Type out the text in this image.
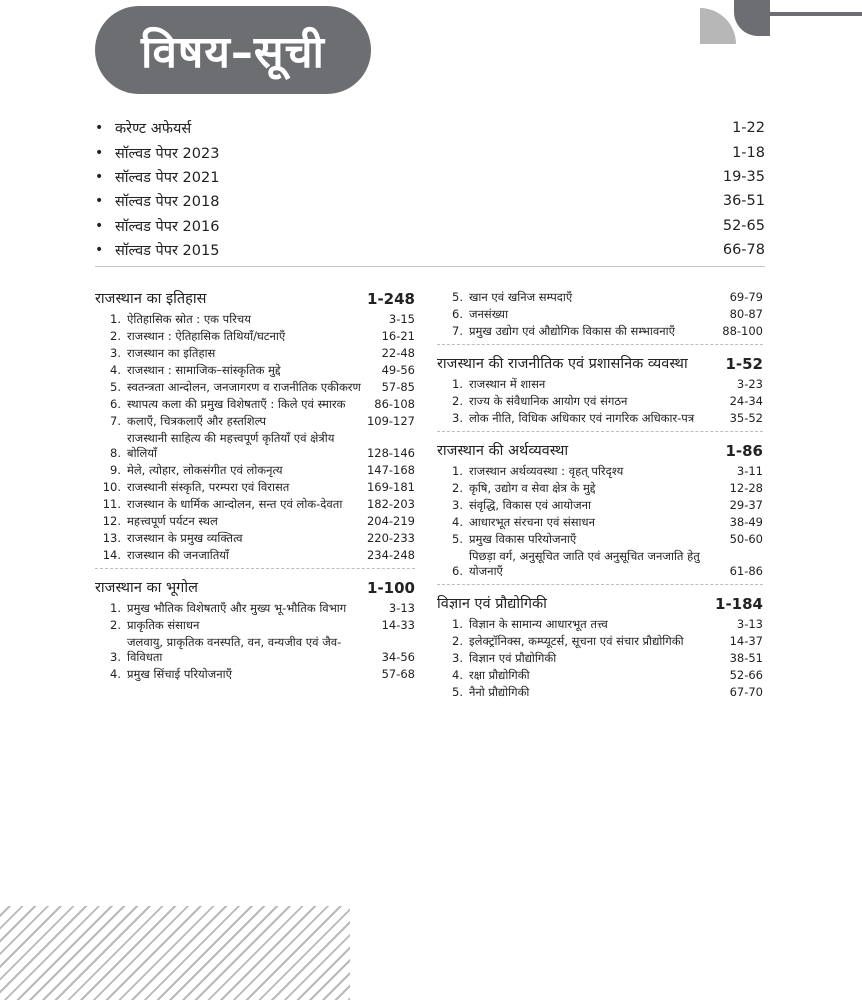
विषय–सूची
• करेण्ट अफेयर्स	1-22
• सॉल्वड पेपर 2023	1-18
• सॉल्वड पेपर 2021	19-35
• सॉल्वड पेपर 2018	36-51
• सॉल्वड पेपर 2016	52-65
• सॉल्वड पेपर 2015	66-78
राजस्थान का इतिहास	1-248
1. ऐतिहासिक स्रोत : एक परिचय	3-15
2. राजस्थान : ऐतिहासिक तिथियाँ/घटनाएँ	16-21
3. राजस्थान का इतिहास	22-48
4. राजस्थान : सामाजिक–सांस्कृतिक मुद्दे	49-56
5. स्वतन्त्रता आन्दोलन, जनजागरण व राजनीतिक एकीकरण	57-85
6. स्थापत्य कला की प्रमुख विशेषताएँ : किले एवं स्मारक	86-108
7. कलाएँ, चित्रकलाएँ और हस्तशिल्प	109-127
8.
राजस्थानी साहित्य की महत्त्वपूर्ण कृतियाँ एवं क्षेत्रीय बोलियाँ	128-146
9. मेले, त्योहार, लोकसंगीत एवं लोकनृत्य	147-168
10. राजस्थानी संस्कृति, परम्परा एवं विरासत	169-181
11. राजस्थान के धार्मिक आन्दोलन, सन्त एवं लोक-देवता	182-203
12. महत्त्वपूर्ण पर्यटन स्थल	204-219
13. राजस्थान के प्रमुख व्यक्तित्व	220-233
14. राजस्थान की जनजातियाँ	234-248
राजस्थान का भूगोल	1-100
1. प्रमुख भौतिक विशेषताएँ और मुख्य भू-भौतिक विभाग	3-13
2. प्राकृतिक संसाधन	14-33
3.
जलवायु, प्राकृतिक वनस्पति, वन, वन्यजीव एवं जैव-विविधता	34-56
4. प्रमुख सिंचाई परियोजनाएँ	57-68
5. खान एवं खनिज सम्पदाएँ	69-79
6. जनसंख्या	80-87
7. प्रमुख उद्योग एवं औद्योगिक विकास की सम्भावनाएँ	88-100
राजस्थान की राजनीतिक एवं प्रशासनिक व्यवस्था	1-52
1. राजस्थान में शासन	3-23
2. राज्य के संवैधानिक आयोग एवं संगठन	24-34
3. लोक नीति, विधिक अधिकार एवं नागरिक अधिकार-पत्र	35-52
राजस्थान की अर्थव्यवस्था	1-86
1. राजस्थान अर्थव्यवस्था : वृहत् परिदृश्य	3-11
2. कृषि, उद्योग व सेवा क्षेत्र के मुद्दे	12-28
3. संवृद्धि, विकास एवं आयोजना	29-37
4. आधारभूत संरचना एवं संसाधन	38-49
5. प्रमुख विकास परियोजनाएँ	50-60
6.
पिछड़ा वर्ग, अनुसूचित जाति एवं अनुसूचित जनजाति हेतु योजनाएँ	61-86
विज्ञान एवं प्रौद्योगिकी	1-184
1. विज्ञान के सामान्य आधारभूत तत्त्व	3-13
2. इलेक्ट्रॉनिक्स, कम्प्यूटर्स, सूचना एवं संचार प्रौद्योगिकी	14-37
3. विज्ञान एवं प्रौद्योगिकी	38-51
4. रक्षा प्रौद्योगिकी	52-66
5. नैनो प्रौद्योगिकी	67-70
